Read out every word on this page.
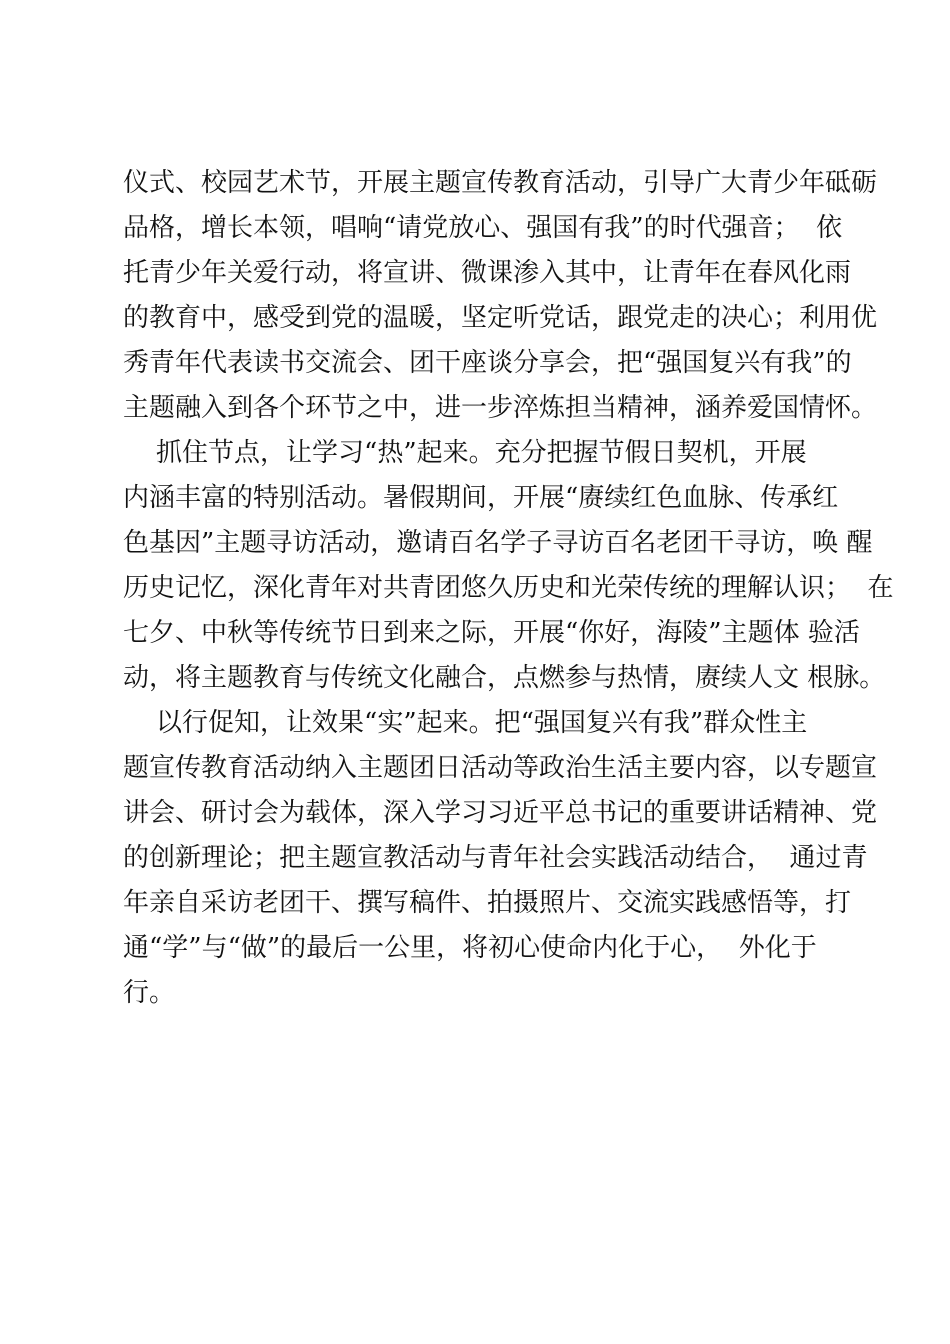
仪式、校园艺术节，开展主题宣传教育活动，引导广大青少年砥砺
品格，增长本领，唱响“请党放心、强国有我”的时代强音；  依
托青少年关爱行动，将宣讲、微课渗入其中，让青年在春风化雨
的教育中，感受到党的温暖，坚定听党话，跟党走的决心；利用优
秀青年代表读书交流会、团干座谈分享会，把“强国复兴有我”的
主题融入到各个环节之中，进一步淬炼担当精神，涵养爱国情怀。
抓住节点，让学习“热”起来。充分把握节假日契机，开展
内涵丰富的特别活动。暑假期间，开展“赓续红色血脉、传承红
色基因”主题寻访活动，邀请百名学子寻访百名老团干寻访，唤 醒
历史记忆，深化青年对共青团悠久历史和光荣传统的理解认识；  在
七夕、中秋等传统节日到来之际，开展“你好，海陵”主题体 验活
动，将主题教育与传统文化融合，点燃参与热情，赓续人文 根脉。
以行促知，让效果“实”起来。把“强国复兴有我”群众性主
题宣传教育活动纳入主题团日活动等政治生活主要内容，以专题宣
讲会、研讨会为载体，深入学习习近平总书记的重要讲话精神、党
的创新理论；把主题宣教活动与青年社会实践活动结合，  通过青
年亲自采访老团干、撰写稿件、拍摄照片、交流实践感悟等，打
通“学”与“做”的最后一公里，将初心使命内化于心，  外化于
行。
